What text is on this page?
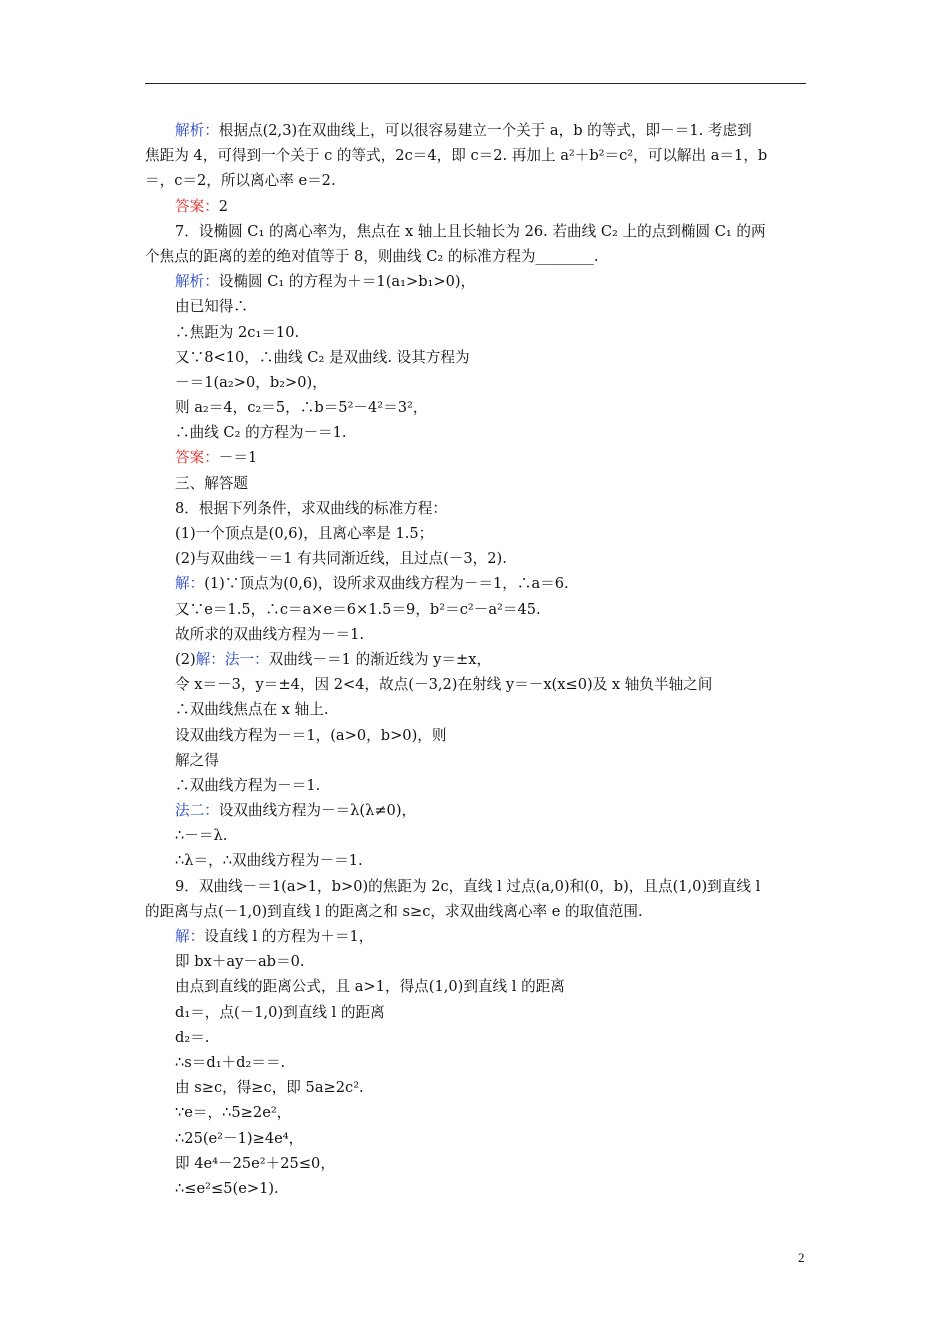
解析：根据点(2,3)在双曲线上，可以很容易建立一个关于 a，b 的等式，即－＝1. 考虑到
焦距为 4，可得到一个关于 c 的等式，2c＝4，即 c＝2. 再加上 a²＋b²＝c²，可以解出 a＝1，b
＝，c＝2，所以离心率 e＝2.
答案：2
7．设椭圆 C₁ 的离心率为，焦点在 x 轴上且长轴长为 26. 若曲线 C₂ 上的点到椭圆 C₁ 的两
个焦点的距离的差的绝对值等于 8，则曲线 C₂ 的标准方程为________.
解析：设椭圆 C₁ 的方程为＋＝1(a₁>b₁>0)，
由已知得∴
∴焦距为 2c₁＝10.
又∵8<10，∴曲线 C₂ 是双曲线. 设其方程为
－＝1(a₂>0，b₂>0)，
则 a₂＝4，c₂＝5，∴b＝5²－4²＝3²，
∴曲线 C₂ 的方程为－＝1.
答案：－＝1
三、解答题
8．根据下列条件，求双曲线的标准方程：
(1)一个顶点是(0,6)，且离心率是 1.5；
(2)与双曲线－＝1 有共同渐近线，且过点(－3，2).
解：(1)∵顶点为(0,6)，设所求双曲线方程为－＝1，∴a＝6.
又∵e＝1.5，∴c＝a×e＝6×1.5＝9，b²＝c²－a²＝45.
故所求的双曲线方程为－＝1.
(2)解：法一：双曲线－＝1 的渐近线为 y＝±x，
令 x＝－3，y＝±4，因 2<4，故点(－3,2)在射线 y＝－x(x≤0)及 x 轴负半轴之间
∴双曲线焦点在 x 轴上.
设双曲线方程为－＝1，(a>0，b>0)，则
解之得
∴双曲线方程为－＝1.
法二：设双曲线方程为－＝λ(λ≠0)，
∴－＝λ.
∴λ＝，∴双曲线方程为－＝1.
9．双曲线－＝1(a>1，b>0)的焦距为 2c，直线 l 过点(a,0)和(0，b)，且点(1,0)到直线 l
的距离与点(－1,0)到直线 l 的距离之和 s≥c，求双曲线离心率 e 的取值范围.
解：设直线 l 的方程为＋＝1，
即 bx＋ay－ab＝0.
由点到直线的距离公式，且 a>1，得点(1,0)到直线 l 的距离
d₁＝，点(－1,0)到直线 l 的距离
d₂＝.
∴s＝d₁＋d₂＝＝.
由 s≥c，得≥c，即 5a≥2c².
∵e＝，∴5≥2e²，
∴25(e²－1)≥4e⁴，
即 4e⁴－25e²＋25≤0，
∴≤e²≤5(e>1).
2
